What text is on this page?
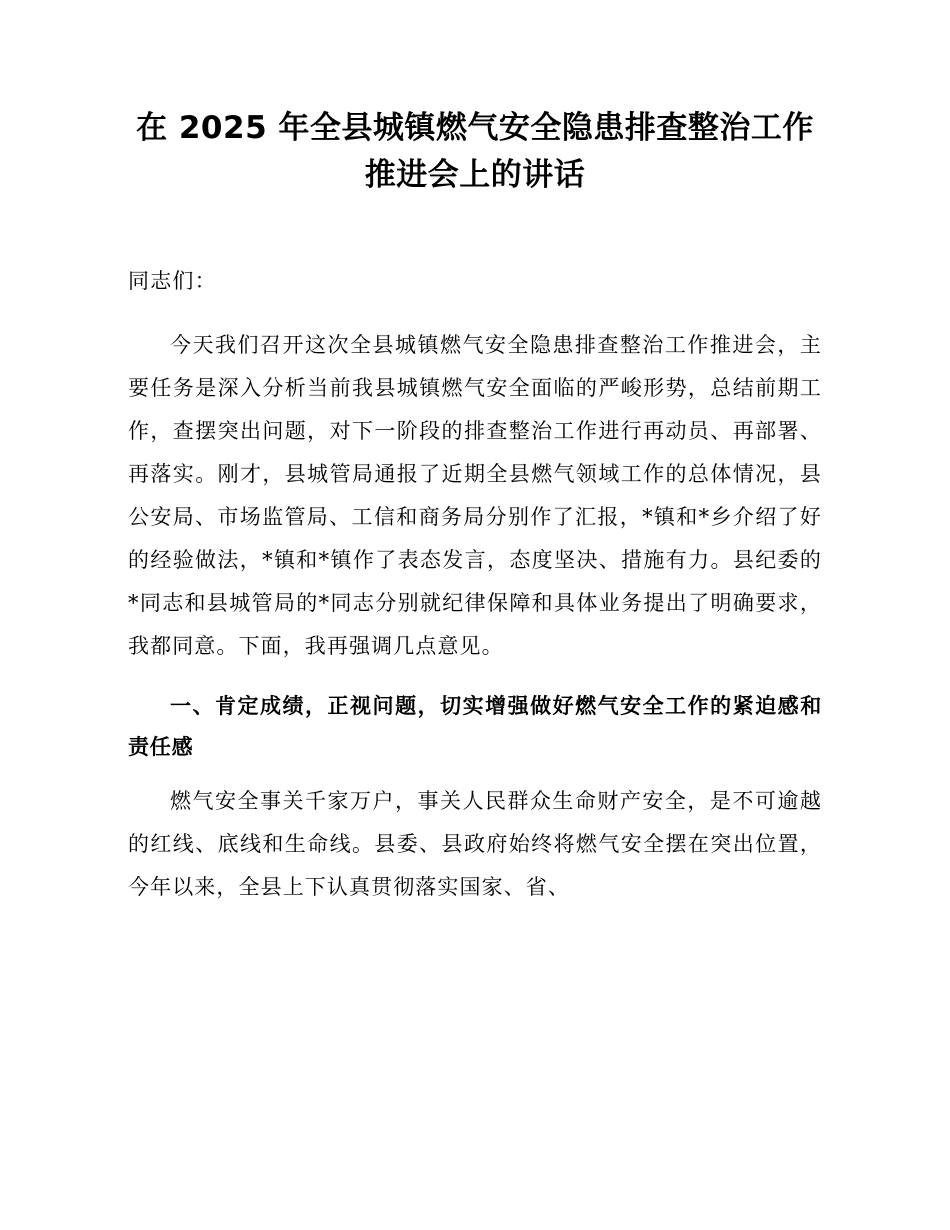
在 2025 年全县城镇燃气安全隐患排查整治工作推进会上的讲话

同志们：

今天我们召开这次全县城镇燃气安全隐患排查整治工作推进会，主要任务是深入分析当前我县城镇燃气安全面临的严峻形势，总结前期工作，查摆突出问题，对下一阶段的排查整治工作进行再动员、再部署、再落实。刚才，县城管局通报了近期全县燃气领域工作的总体情况，县公安局、市场监管局、工信和商务局分别作了汇报，*镇和*乡介绍了好的经验做法，*镇和*镇作了表态发言，态度坚决、措施有力。县纪委的*同志和县城管局的*同志分别就纪律保障和具体业务提出了明确要求，我都同意。下面，我再强调几点意见。

一、肯定成绩，正视问题，切实增强做好燃气安全工作的紧迫感和责任感

燃气安全事关千家万户，事关人民群众生命财产安全，是不可逾越的红线、底线和生命线。县委、县政府始终将燃气安全摆在突出位置，今年以来，全县上下认真贯彻落实国家、省、
